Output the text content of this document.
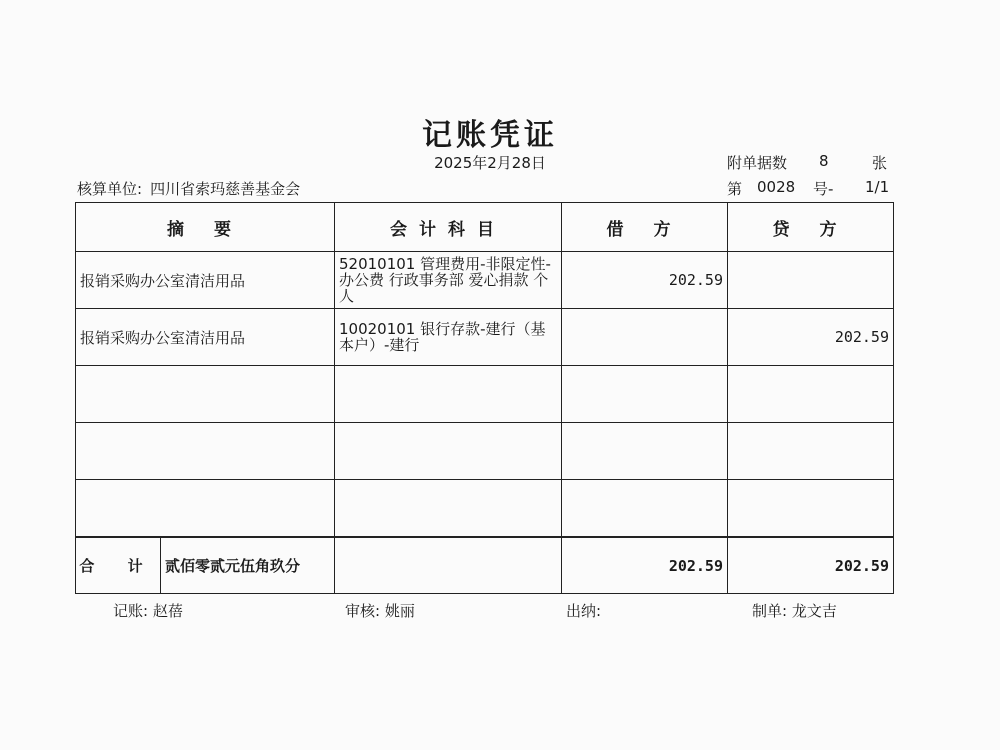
记账凭证
2025年2月28日	附单据数 8	张
核算单位: 四川省索玛慈善基金会	第 0028 号- 1/1
摘 要	会计科目	借 方	贷 方
报销采购办公室清洁用品	52010101 管理费用-非限定性-办公费 行政事务部 爱心捐款 个人	202.59	
报销采购办公室清洁用品	10020101 银行存款-建行（基本户）-建行		202.59

合 计 贰佰零贰元伍角玖分		202.59	202.59
记账: 赵蓓	审核: 姚丽	出纳:	制单: 龙文吉
